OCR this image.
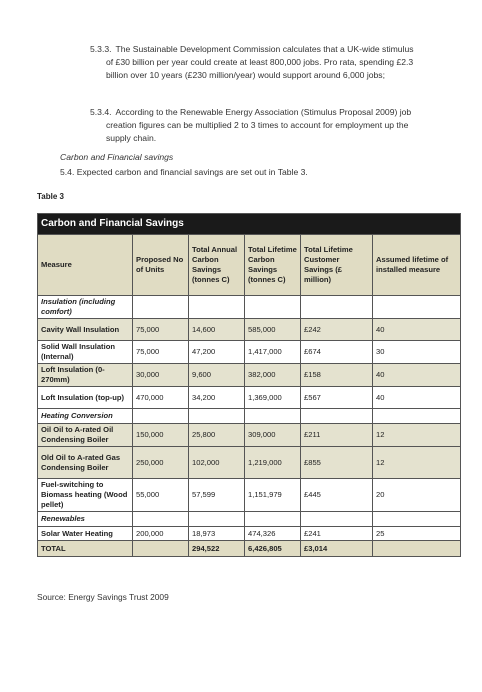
5.3.3. The Sustainable Development Commission calculates that a UK-wide stimulus
of £30 billion per year could create at least 800,000 jobs. Pro rata, spending £2.3 billion over 10 years (£230 million/year) would support around 6,000 jobs;
5.3.4. According to the Renewable Energy Association (Stimulus Proposal 2009) job
creation figures can be multiplied 2 to 3 times to account for employment up the supply chain.
Carbon and Financial savings
5.4. Expected carbon and financial savings are set out in Table 3.
Table 3
Carbon and Financial Savings					
Measure	Proposed No of Units	Total Annual Carbon Savings (tonnes C)	Total Lifetime Carbon Savings (tonnes C)	Total Lifetime Customer Savings (£ million)	Assumed lifetime of installed measure
Insulation (including comfort)					
Cavity Wall Insulation	75,000	14,600	585,000	£242	40
Solid Wall Insulation (Internal)	75,000	47,200	1,417,000	£674	30
Loft Insulation (0-270mm)	30,000	9,600	382,000	£158	40
Loft Insulation (top-up)	470,000	34,200	1,369,000	£567	40
Heating Conversion					
Oil Oil to A-rated Oil Condensing Boiler	150,000	25,800	309,000	£211	12
Old Oil to A-rated Gas Condensing Boiler	250,000	102,000	1,219,000	£855	12
Fuel-switching to Biomass heating (Wood pellet)	55,000	57,599	1,151,979	£445	20
Renewables					
Solar Water Heating	200,000	18,973	474,326	£241	25
TOTAL		294,522	6,426,805	£3,014	
Source: Energy Savings Trust 2009
